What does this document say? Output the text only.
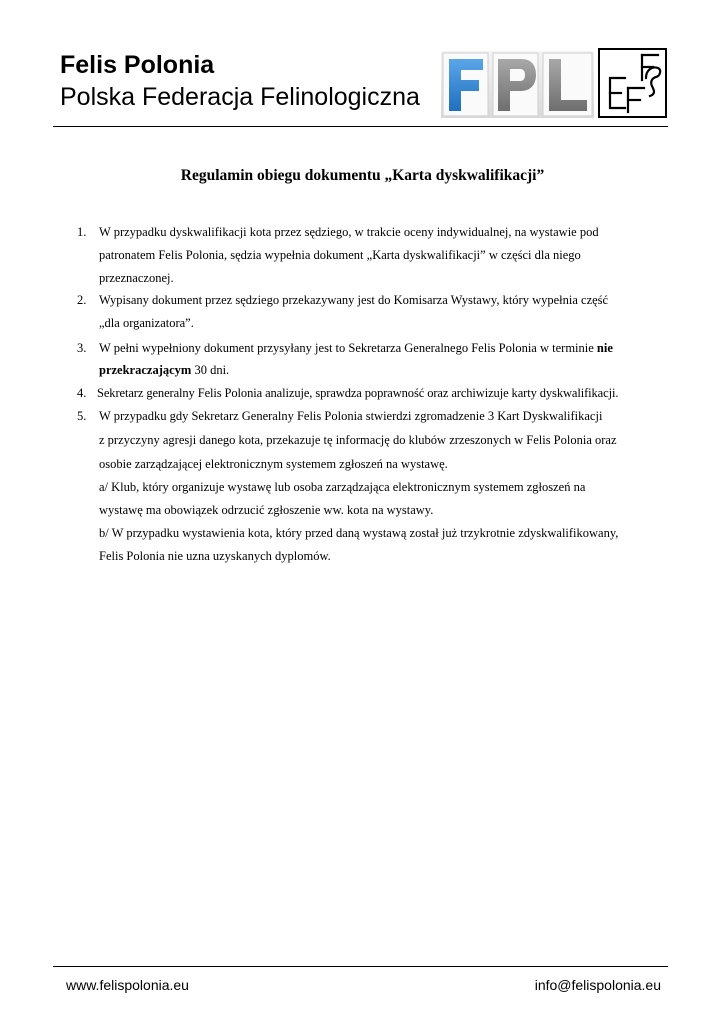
Felis Polonia
Polska Federacja Felinologiczna
Regulamin obiegu dokumentu „Karta dyskwalifikacji”
1. W przypadku dyskwalifikacji kota przez sędziego, w trakcie oceny indywidualnej, na wystawie pod
patronatem Felis Polonia, sędzia wypełnia dokument „Karta dyskwalifikacji” w części dla niego
przeznaczonej.
2. Wypisany dokument przez sędziego przekazywany jest do Komisarza Wystawy, który wypełnia część
„dla organizatora”.
3. W pełni wypełniony dokument przysyłany jest to Sekretarza Generalnego Felis Polonia w terminie nie
przekraczającym 30 dni.
4. Sekretarz generalny Felis Polonia analizuje, sprawdza poprawność oraz archiwizuje karty dyskwalifikacji.
5. W przypadku gdy Sekretarz Generalny Felis Polonia stwierdzi zgromadzenie 3 Kart Dyskwalifikacji
z przyczyny agresji danego kota, przekazuje tę informację do klubów zrzeszonych w Felis Polonia oraz
osobie zarządzającej elektronicznym systemem zgłoszeń na wystawę.
a/ Klub, który organizuje wystawę lub osoba zarządzająca elektronicznym systemem zgłoszeń na
wystawę ma obowiązek odrzucić zgłoszenie ww. kota na wystawy.
b/ W przypadku wystawienia kota, który przed daną wystawą został już trzykrotnie zdyskwalifikowany,
Felis Polonia nie uzna uzyskanych dyplomów.
www.felispolonia.eu	info@felispolonia.eu
